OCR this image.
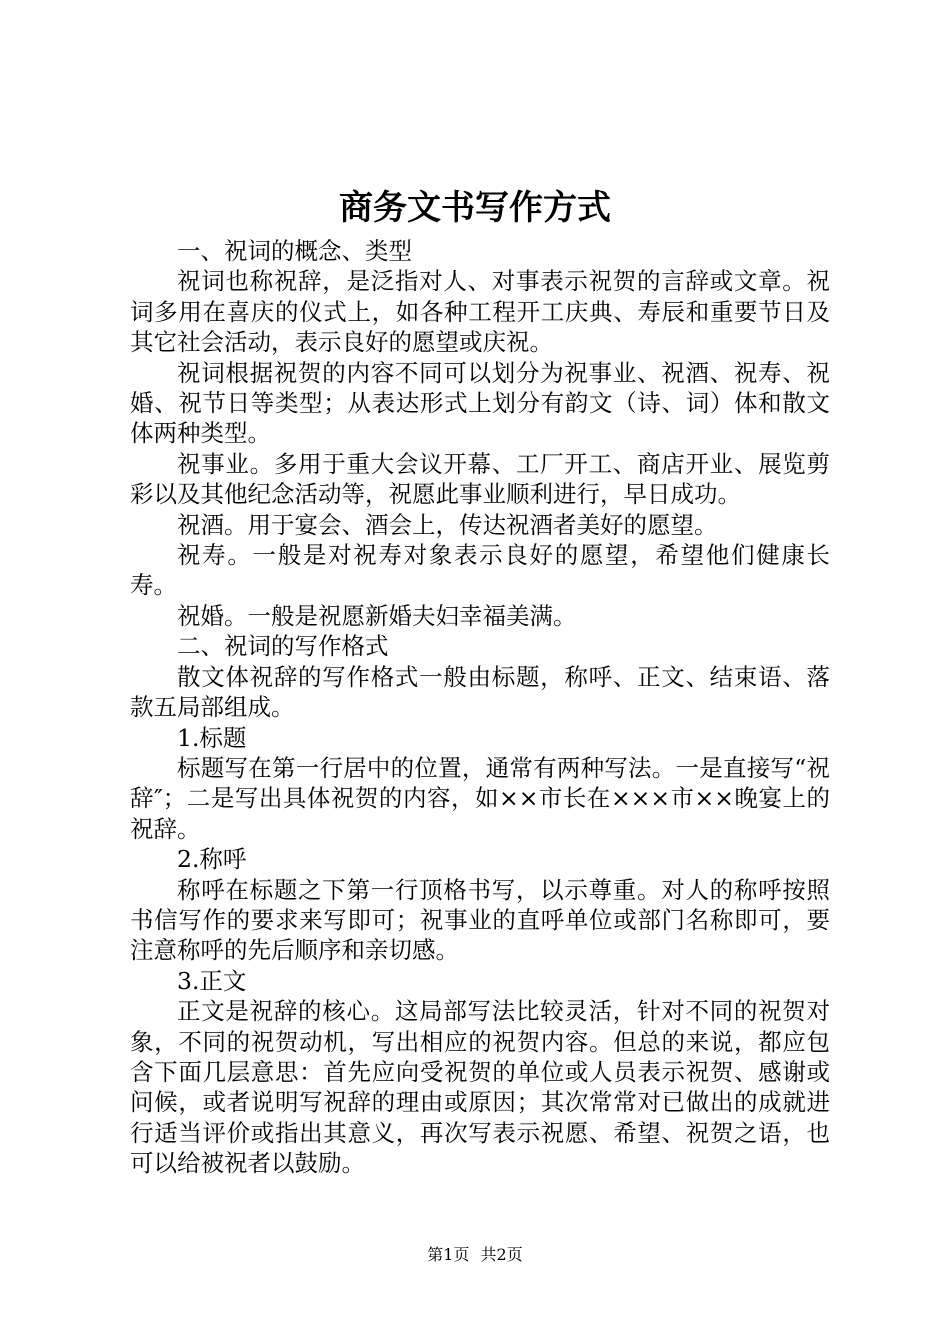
商务文书写作方式

一、祝词的概念、类型

祝词也称祝辞，是泛指对人、对事表示祝贺的言辞或文章。祝词多用在喜庆的仪式上，如各种工程开工庆典、寿辰和重要节日及其它社会活动，表示良好的愿望或庆祝。

祝词根据祝贺的内容不同可以划分为祝事业、祝酒、祝寿、祝婚、祝节日等类型；从表达形式上划分有韵文（诗、词）体和散文体两种类型。

祝事业。多用于重大会议开幕、工厂开工、商店开业、展览剪彩以及其他纪念活动等，祝愿此事业顺利进行，早日成功。

祝酒。用于宴会、酒会上，传达祝酒者美好的愿望。

祝寿。一般是对祝寿对象表示良好的愿望，希望他们健康长寿。

祝婚。一般是祝愿新婚夫妇幸福美满。

二、祝词的写作格式

散文体祝辞的写作格式一般由标题，称呼、正文、结束语、落款五局部组成。

1.标题

标题写在第一行居中的位置，通常有两种写法。一是直接写“祝辞″；二是写出具体祝贺的内容，如××市长在×××市××晚宴上的祝辞。

2.称呼

称呼在标题之下第一行顶格书写，以示尊重。对人的称呼按照书信写作的要求来写即可；祝事业的直呼单位或部门名称即可，要注意称呼的先后顺序和亲切感。

3.正文

正文是祝辞的核心。这局部写法比较灵活，针对不同的祝贺对象，不同的祝贺动机，写出相应的祝贺内容。但总的来说，都应包含下面几层意思：首先应向受祝贺的单位或人员表示祝贺、感谢或问候，或者说明写祝辞的理由或原因；其次常常对已做出的成就进行适当评价或指出其意义，再次写表示祝愿、希望、祝贺之语，也可以给被祝者以鼓励。

第1页 共2页
